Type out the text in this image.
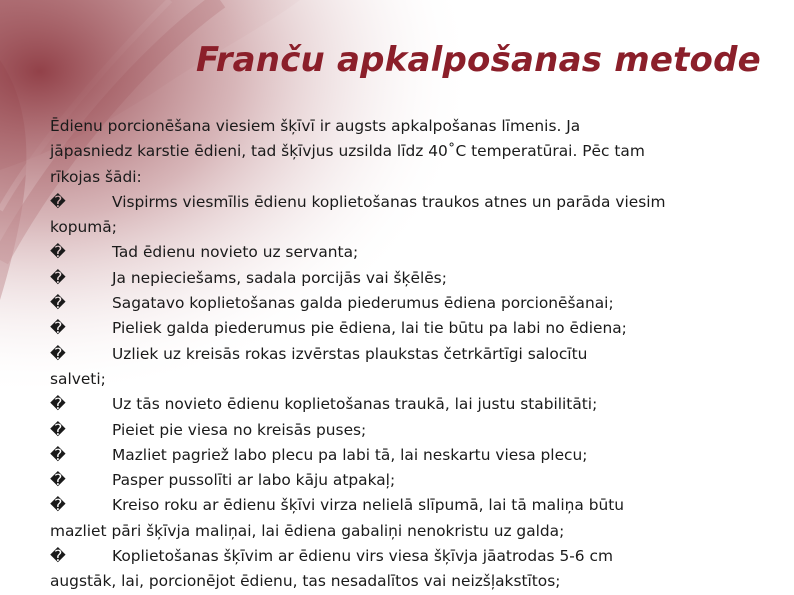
Franču apkalpošanas metode
Ēdienu porcionēšana viesiem šķīvī ir augsts apkalpošanas līmenis. Ja
jāpasniedz karstie ēdieni, tad šķīvjus uzsilda līdz 40˚C temperatūrai. Pēc tam
rīkojas šādi:
�	Vispirms viesmīlis ēdienu koplietošanas traukos atnes un parāda viesim
kopumā;
�	Tad ēdienu novieto uz servanta;
�	Ja nepieciešams, sadala porcijās vai šķēlēs;
�	Sagatavo koplietošanas galda piederumus ēdiena porcionēšanai;
�	Pieliek galda piederumus pie ēdiena, lai tie būtu pa labi no ēdiena;
�	Uzliek uz kreisās rokas izvērstas plaukstas četrkārtīgi salocītu
salveti;
�	Uz tās novieto ēdienu koplietošanas traukā, lai justu stabilitāti;
�	Pieiet pie viesa no kreisās puses;
�	Mazliet pagriež labo plecu pa labi tā, lai neskartu viesa plecu;
�	Pasper pussolīti ar labo kāju atpakaļ;
�	Kreiso roku ar ēdienu šķīvi virza nelielā slīpumā, lai tā maliņa būtu
mazliet pāri šķīvja maliņai, lai ēdiena gabaliņi nenokristu uz galda;
�	Koplietošanas šķīvim ar ēdienu virs viesa šķīvja jāatrodas 5-6 cm
augstāk, lai, porcionējot ēdienu, tas nesadalītos vai neizšļakstītos;
